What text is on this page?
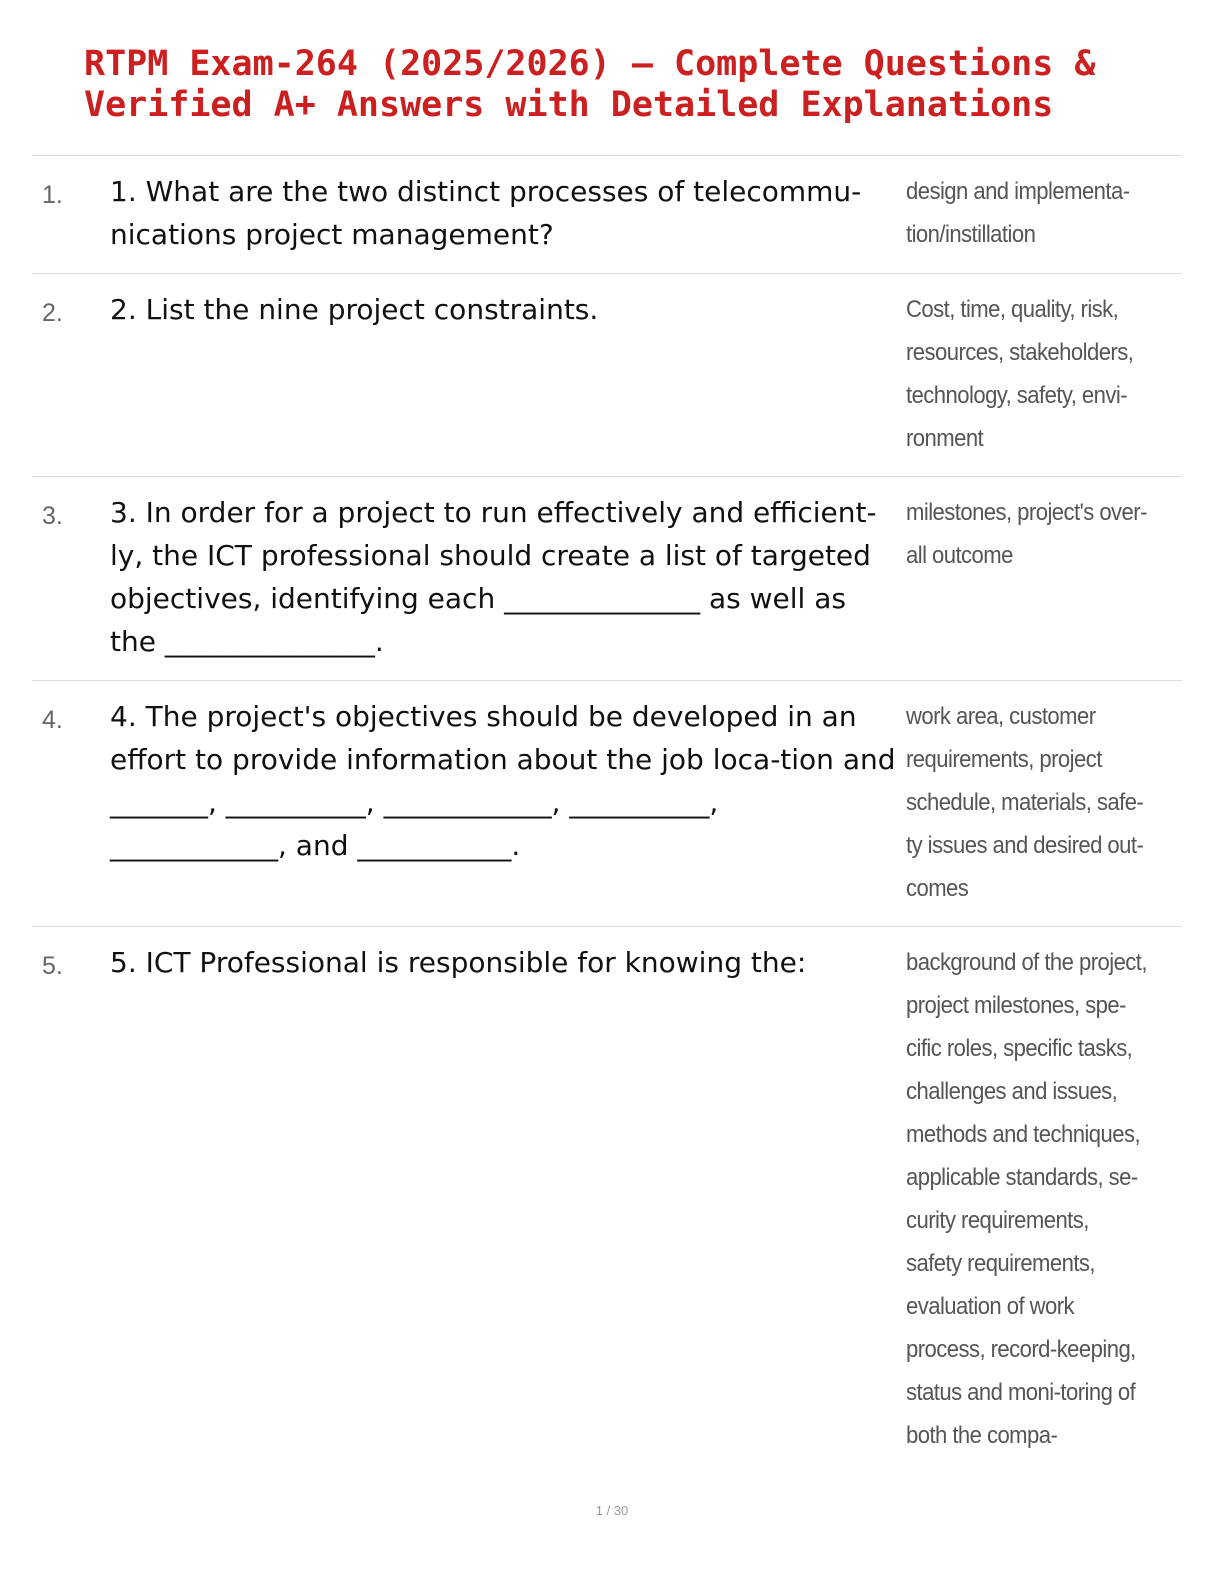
RTPM Exam-264 (2025/2026) – Complete Questions & Verified A+ Answers with Detailed Explanations
1. 1. What are the two distinct processes of telecommu-nications project management?

design and implementa-tion/instillation

2. 2. List the nine project constraints.	Cost, time, quality, risk, resources, stakeholders, technology, safety, envi-ronment

3. 3. In order for a project to run effectively and efficient-ly, the ICT professional should create a list of targeted objectives, identifying each ______________ as well as the _______________.

milestones, project's over-all outcome

4. 4. The project's objectives should be developed in an effort to provide information about the job loca-tion and _______, __________, ____________, __________, ____________, and ___________.

work area, customer requirements, project schedule, materials, safe-ty issues and desired out-comes

5. 5. ICT Professional is responsible for knowing the:	background of the project, project milestones, spe-cific roles, specific tasks, challenges and issues, methods and techniques, applicable standards, se-curity requirements, safety requirements, evaluation of work process, record-keeping, status and moni-toring of both the compa-

1 / 30
